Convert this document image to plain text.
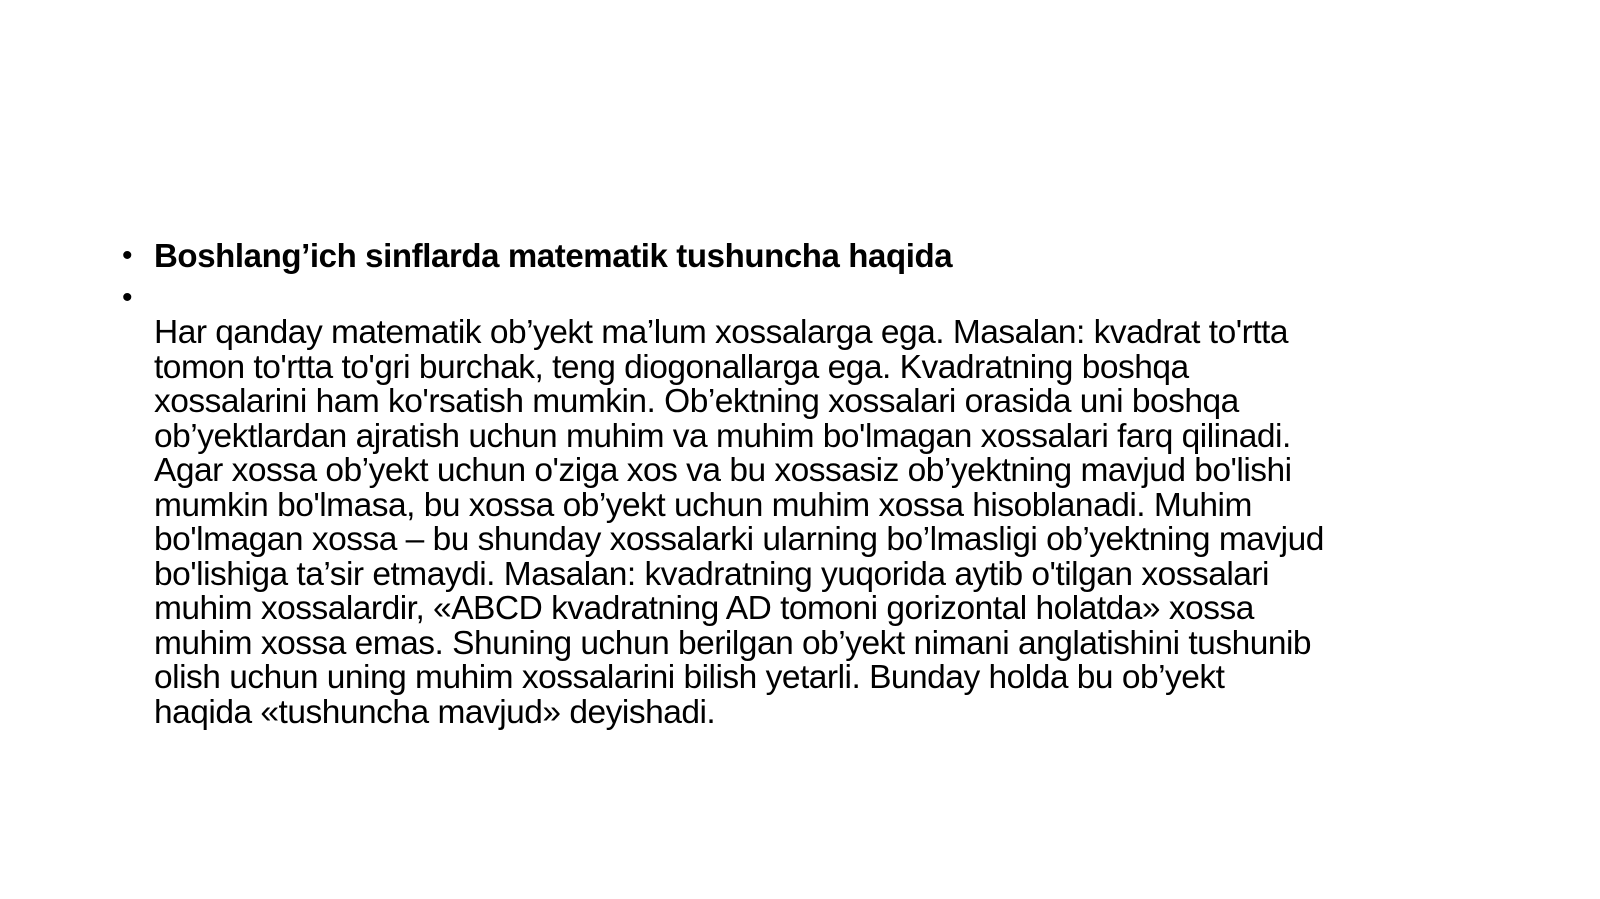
• Boshlang’ich sinflarda matematik tushuncha haqida

•

Har qanday matematik ob’yekt ma’lum xossalarga ega. Masalan: kvadrat to'rtta
tomon to'rtta to'gri burchak, teng diogonallarga ega. Kvadratning boshqa
xossalarini ham ko'rsatish mumkin. Ob’ektning xossalari orasida uni boshqa
ob’yektlardan ajratish uchun muhim va muhim bo'lmagan xossalari farq qilinadi.
Agar xossa ob’yekt uchun o'ziga xos va bu xossasiz ob’yektning mavjud bo'lishi
mumkin bo'lmasa, bu xossa ob’yekt uchun muhim xossa hisoblanadi. Muhim
bo'lmagan xossa – bu shunday xossalarki ularning bo’lmasligi ob’yektning mavjud
bo'lishiga ta’sir etmaydi. Masalan: kvadratning yuqorida aytib o'tilgan xossalari
muhim xossalardir, «ABCD kvadratning AD tomoni gorizontal holatda» xossa
muhim xossa emas. Shuning uchun berilgan ob’yekt nimani anglatishini tushunib
olish uchun uning muhim xossalarini bilish yetarli. Bunday holda bu ob’yekt
haqida «tushuncha mavjud» deyishadi.
